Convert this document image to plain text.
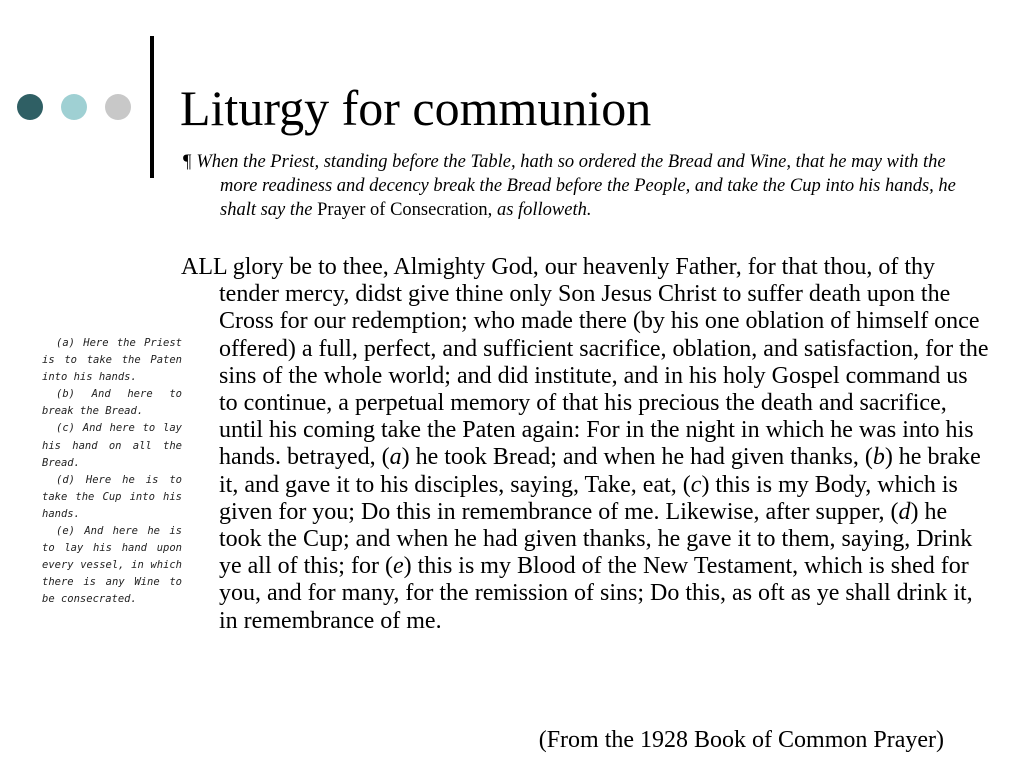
Liturgy for communion
¶ When the Priest, standing before the Table, hath so ordered the Bread and Wine, that he may with the more readiness and decency break the Bread before the People, and take the Cup into his hands, he shalt say the Prayer of Consecration, as followeth.
ALL glory be to thee, Almighty God, our heavenly Father, for that thou, of thy tender mercy, didst give thine only Son Jesus Christ to suffer death upon the Cross for our redemption; who made there (by his one oblation of himself once offered) a full, perfect, and sufficient sacrifice, oblation, and satisfaction, for the sins of the whole world; and did institute, and in his holy Gospel command us to continue, a perpetual memory of that his precious the death and sacrifice, until his coming take the Paten again: For in the night in which he was into his hands. betrayed, (a) he took Bread; and when he had given thanks, (b) he brake it, and gave it to his disciples, saying, Take, eat, (c) this is my Body, which is given for you; Do this in remembrance of me. Likewise, after supper, (d) he took the Cup; and when he had given thanks, he gave it to them, saying, Drink ye all of this; for (e) this is my Blood of the New Testament, which is shed for you, and for many, for the remission of sins; Do this, as oft as ye shall drink it, in remembrance of me.
(From the 1928 Book of Common Prayer)

(a) Here the Priest is to take the Paten into his hands.

(b) And here to break the Bread.

(c) And here to lay his hand on all the Bread.

(d) Here he is to take the Cup into his hands.

(e) And here he is to lay his hand upon every vessel, in which there is any Wine to be consecrated.
